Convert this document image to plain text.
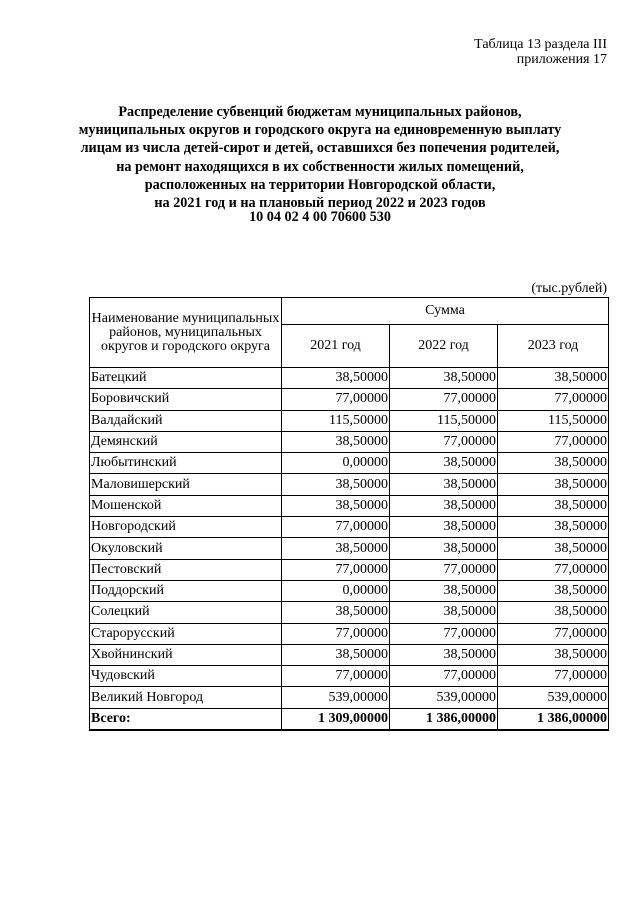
Таблица 13 раздела III
приложения 17
Распределение субвенций бюджетам муниципальных районов,
муниципальных округов и городского округа на единовременную выплату
лицам из числа детей-сирот и детей, оставшихся без попечения родителей,
на ремонт находящихся в их собственности жилых помещений,
расположенных на территории Новгородской области,
на 2021 год и на плановый период 2022 и 2023 годов
10 04 02 4 00 70600 530
(тыс.рублей)
Наименование муниципальных районов, муниципальных округов и городского округа	Сумма		
	2021 год	2022 год	2023 год
Батецкий	38,50000	38,50000	38,50000
Боровичский	77,00000	77,00000	77,00000
Валдайский	115,50000	115,50000	115,50000
Демянский	38,50000	77,00000	77,00000
Любытинский	0,00000	38,50000	38,50000
Маловишерский	38,50000	38,50000	38,50000
Мошенской	38,50000	38,50000	38,50000
Новгородский	77,00000	38,50000	38,50000
Окуловский	38,50000	38,50000	38,50000
Пестовский	77,00000	77,00000	77,00000
Поддорский	0,00000	38,50000	38,50000
Солецкий	38,50000	38,50000	38,50000
Старорусский	77,00000	77,00000	77,00000
Хвойнинский	38,50000	38,50000	38,50000
Чудовский	77,00000	77,00000	77,00000
Великий Новгород	539,00000	539,00000	539,00000
Всего:	1 309,00000	1 386,00000	1 386,00000
